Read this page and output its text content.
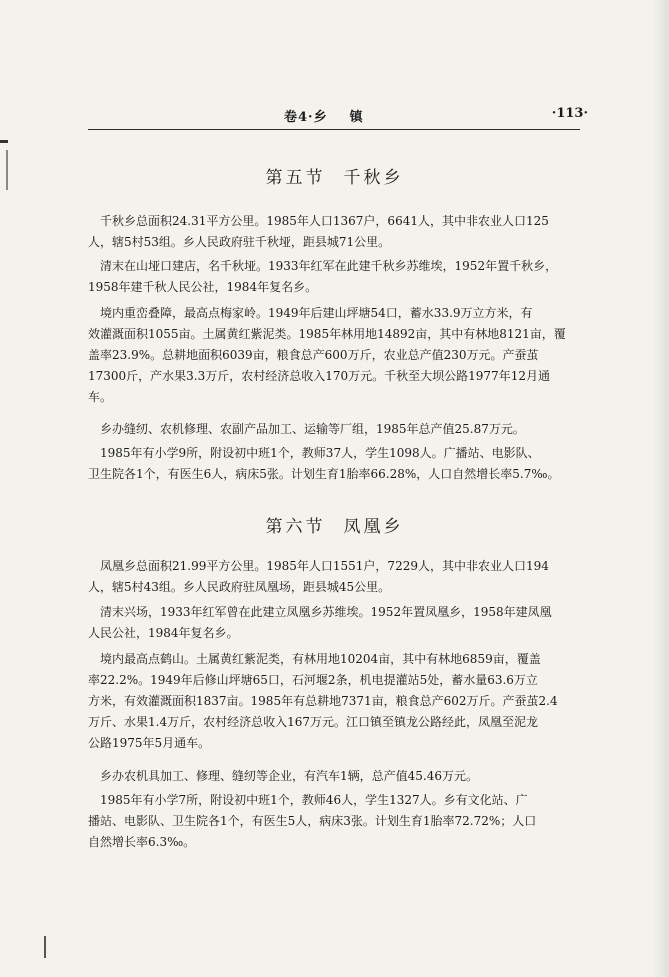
卷4·乡 镇	·113·
第五节 千秋乡
千秋乡总面积24.31平方公里。1985年人口1367户，6641人，其中非农业人口125
人，辖5村53组。乡人民政府驻千秋垭，距县城71公里。
清末在山垭口建店，名千秋垭。1933年红军在此建千秋乡苏维埃，1952年置千秋乡，
1958年建千秋人民公社，1984年复名乡。
境内重峦叠障，最高点梅家岭。1949年后建山坪塘54口，蓄水33.9万立方米，有
效灌溉面积1055亩。土属黄红紫泥类。1985年林用地14892亩，其中有林地8121亩，覆
盖率23.9%。总耕地面积6039亩，粮食总产600万斤，农业总产值230万元。产蚕茧
17300斤，产水果3.3万斤，农村经济总收入170万元。千秋至大坝公路1977年12月通
车。
乡办缝纫、农机修理、农副产品加工、运输等厂组，1985年总产值25.87万元。
1985年有小学9所，附设初中班1个，教师37人，学生1098人。广播站、电影队、
卫生院各1个，有医生6人，病床5张。计划生育1胎率66.28%，人口自然增长率5.7‰。
第六节 凤凰乡
凤凰乡总面积21.99平方公里。1985年人口1551户，7229人，其中非农业人口194
人，辖5村43组。乡人民政府驻凤凰场，距县城45公里。
清末兴场，1933年红军曾在此建立凤凰乡苏维埃。1952年置凤凰乡，1958年建凤凰
人民公社，1984年复名乡。
境内最高点鹤山。土属黄红紫泥类，有林用地10204亩，其中有林地6859亩，覆盖
率22.2%。1949年后修山坪塘65口，石河堰2条，机电提灌站5处，蓄水量63.6万立
方米，有效灌溉面积1837亩。1985年有总耕地7371亩，粮食总产602万斤。产蚕茧2.4
万斤、水果1.4万斤，农村经济总收入167万元。江口镇至镇龙公路经此，凤凰至泥龙
公路1975年5月通车。
乡办农机具加工、修理、缝纫等企业，有汽车1辆，总产值45.46万元。
1985年有小学7所，附设初中班1个，教师46人，学生1327人。乡有文化站、广
播站、电影队、卫生院各1个，有医生5人，病床3张。计划生育1胎率72.72%；人口
自然增长率6.3‰。
